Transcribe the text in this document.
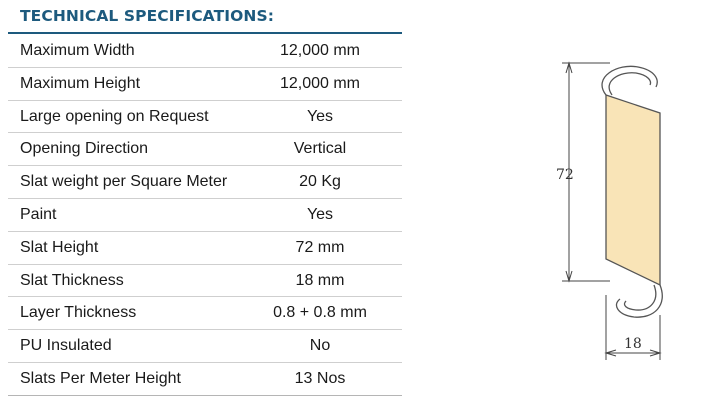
TECHNICAL SPECIFICATIONS:
Maximum Width	12,000 mm
Maximum Height	12,000 mm
Large opening on Request	Yes
Opening Direction	Vertical
Slat weight per Square Meter	20 Kg
Paint	Yes
Slat Height	72 mm
Slat Thickness	18 mm
Layer Thickness	0.8 + 0.8 mm
PU Insulated	No
Slats Per Meter Height	13 Nos
72
18
